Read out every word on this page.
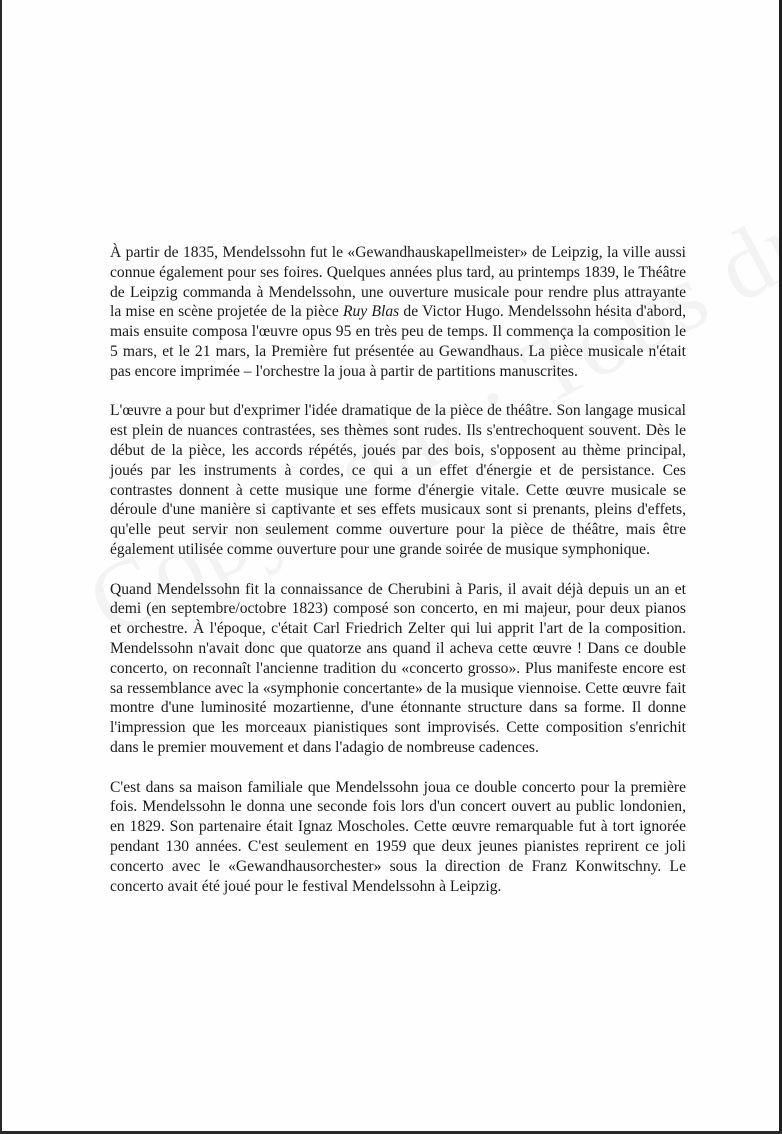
À partir de 1835, Mendelssohn fut le «Gewandhauskapellmeister» de Leipzig, la ville aussi connue également pour ses foires. Quelques années plus tard, au printemps 1839, le Théâtre de Leipzig commanda à Mendelssohn, une ouverture musicale pour rendre plus attrayante la mise en scène projetée de la pièce Ruy Blas de Victor Hugo. Mendelssohn hésita d'abord, mais ensuite composa l'œuvre opus 95 en très peu de temps. Il commença la composition le 5 mars, et le 21 mars, la Première fut présentée au Gewandhaus. La pièce musicale n'était pas encore imprimée – l'orchestre la joua à partir de partitions manuscrites.

L'œuvre a pour but d'exprimer l'idée dramatique de la pièce de théâtre. Son langage musical est plein de nuances contrastées, ses thèmes sont rudes. Ils s'entrechoquent souvent. Dès le début de la pièce, les accords répétés, joués par des bois, s'opposent au thème principal, joués par les instruments à cordes, ce qui a un effet d'énergie et de persistance. Ces contrastes donnent à cette musique une forme d'énergie vitale. Cette œuvre musicale se déroule d'une manière si captivante et ses effets musicaux sont si prenants, pleins d'effets, qu'elle peut servir non seulement comme ouverture pour la pièce de théâtre, mais être également utilisée comme ouverture pour une grande soirée de musique symphonique.

Quand Mendelssohn fit la connaissance de Cherubini à Paris, il avait déjà depuis un an et demi (en septembre/octobre 1823) composé son concerto, en mi majeur, pour deux pianos et orchestre. À l'époque, c'était Carl Friedrich Zelter qui lui apprit l'art de la composition. Mendelssohn n'avait donc que quatorze ans quand il acheva cette œuvre ! Dans ce double concerto, on reconnaît l'ancienne tradition du «concerto grosso». Plus manifeste encore est sa ressemblance avec la «symphonie concertante» de la musique viennoise. Cette œuvre fait montre d'une luminosité mozartienne, d'une étonnante structure dans sa forme. Il donne l'impression que les morceaux pianistiques sont improvisés. Cette composition s'enrichit dans le premier mouvement et dans l'adagio de nombreuse cadences.

C'est dans sa maison familiale que Mendelssohn joua ce double concerto pour la première fois. Mendelssohn le donna une seconde fois lors d'un concert ouvert au public londonien, en 1829. Son partenaire était Ignaz Moscholes. Cette œuvre remarquable fut à tort ignorée pendant 130 années. C'est seulement en 1959 que deux jeunes pianistes reprirent ce joli concerto avec le «Gewandhausorchester» sous la direction de Franz Konwitschny. Le concerto avait été joué pour le festival Mendelssohn à Leipzig.
